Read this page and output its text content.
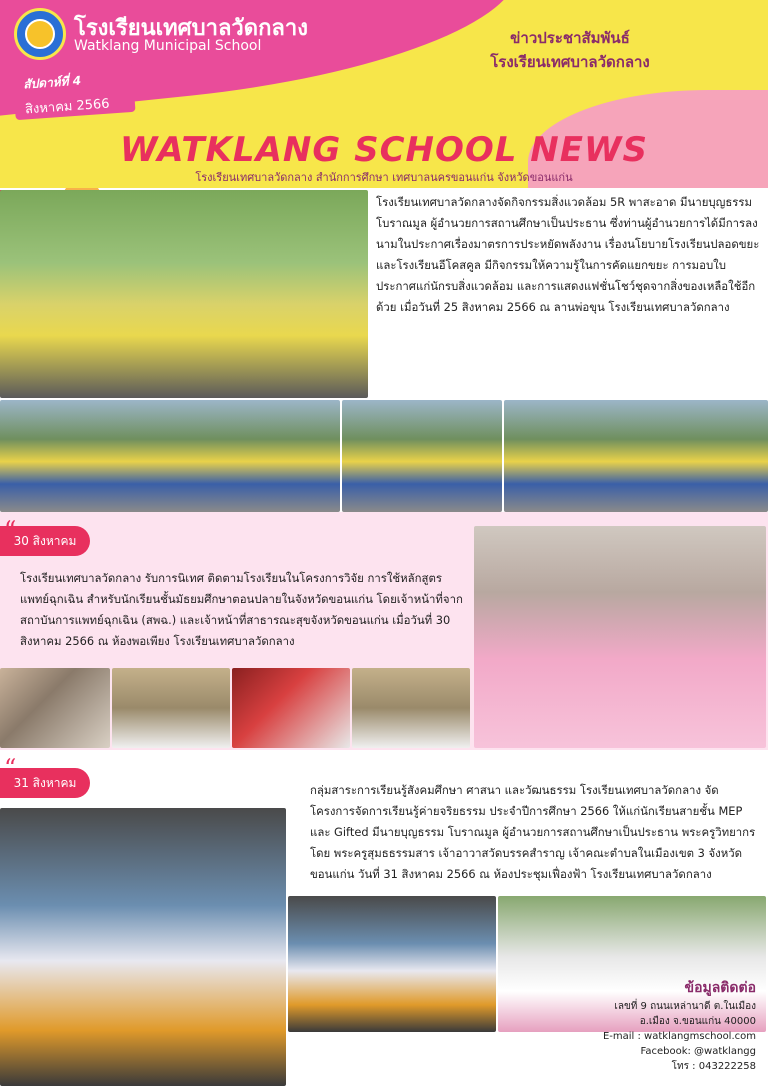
โรงเรียนเทศบาลวัดกลาง
Watklang Municipal School	ข่าวประชาสัมพันธ์
โรงเรียนเทศบาลวัดกลาง
สัปดาห์ที่ 4
สิงหาคม 2566
WATKLANG SCHOOL NEWS
โรงเรียนเทศบาลวัดกลาง สำนักการศึกษา เทศบาลนครขอนแก่น จังหวัดขอนแก่น
โรงเรียนเทศบาลวัดกลางจัดกิจกรรมสิ่งแวดล้อม 5R พาสะอาด มีนายบุญธรรม โบราณมูล ผู้อำนวยการสถานศึกษาเป็นประธาน ซึ่งท่านผู้อำนวยการได้มีการลงนามในประกาศเรื่องมาตรการประหยัดพลังงาน เรื่องนโยบายโรงเรียนปลอดขยะ และโรงเรียนอีโคสคูล มีกิจกรรมให้ความรู้ในการคัดแยกขยะ การมอบใบประกาศแก่นักรบสิ่งแวดล้อม และการแสดงแฟชั่นโชว์ชุดจากสิ่งของเหลือใช้อีกด้วย เมื่อวันที่ 25 สิงหาคม 2566 ณ ลานพ่อขุน โรงเรียนเทศบาลวัดกลาง
30 สิงหาคม
โรงเรียนเทศบาลวัดกลาง รับการนิเทศ ติดตามโรงเรียนในโครงการวิจัย การใช้หลักสูตรแพทย์ฉุกเฉิน สำหรับนักเรียนชั้นมัธยมศึกษาตอนปลายในจังหวัดขอนแก่น โดยเจ้าหน้าที่จากสถาบันการแพทย์ฉุกเฉิน (สพฉ.) และเจ้าหน้าที่สาธารณะสุขจังหวัดขอนแก่น เมื่อวันที่ 30 สิงหาคม 2566 ณ ห้องพอเพียง โรงเรียนเทศบาลวัดกลาง
31 สิงหาคม
กลุ่มสาระการเรียนรู้สังคมศึกษา ศาสนา และวัฒนธรรม โรงเรียนเทศบาลวัดกลาง จัดโครงการจัดการเรียนรู้ค่ายจริยธรรม ประจำปีการศึกษา 2566 ให้แก่นักเรียนสายชั้น MEP และ Gifted มีนายบุญธรรม โบราณมูล ผู้อำนวยการสถานศึกษาเป็นประธาน พระครูวิทยากรโดย พระครูสุมธธรรมสาร เจ้าอาวาสวัดบรรคสำราญ เจ้าคณะตำบลในเมืองเขต 3 จังหวัดขอนแก่น วันที่ 31 สิงหาคม 2566 ณ ห้องประชุมเฟื่องฟ้า โรงเรียนเทศบาลวัดกลาง
ข้อมูลติดต่อ
เลขที่ 9 ถนนเหล่านาดี ต.ในเมือง
อ.เมือง จ.ขอนแก่น 40000
E-mail : watklangmschool.com
Facebook: @watklangg
โทร : 043222258
